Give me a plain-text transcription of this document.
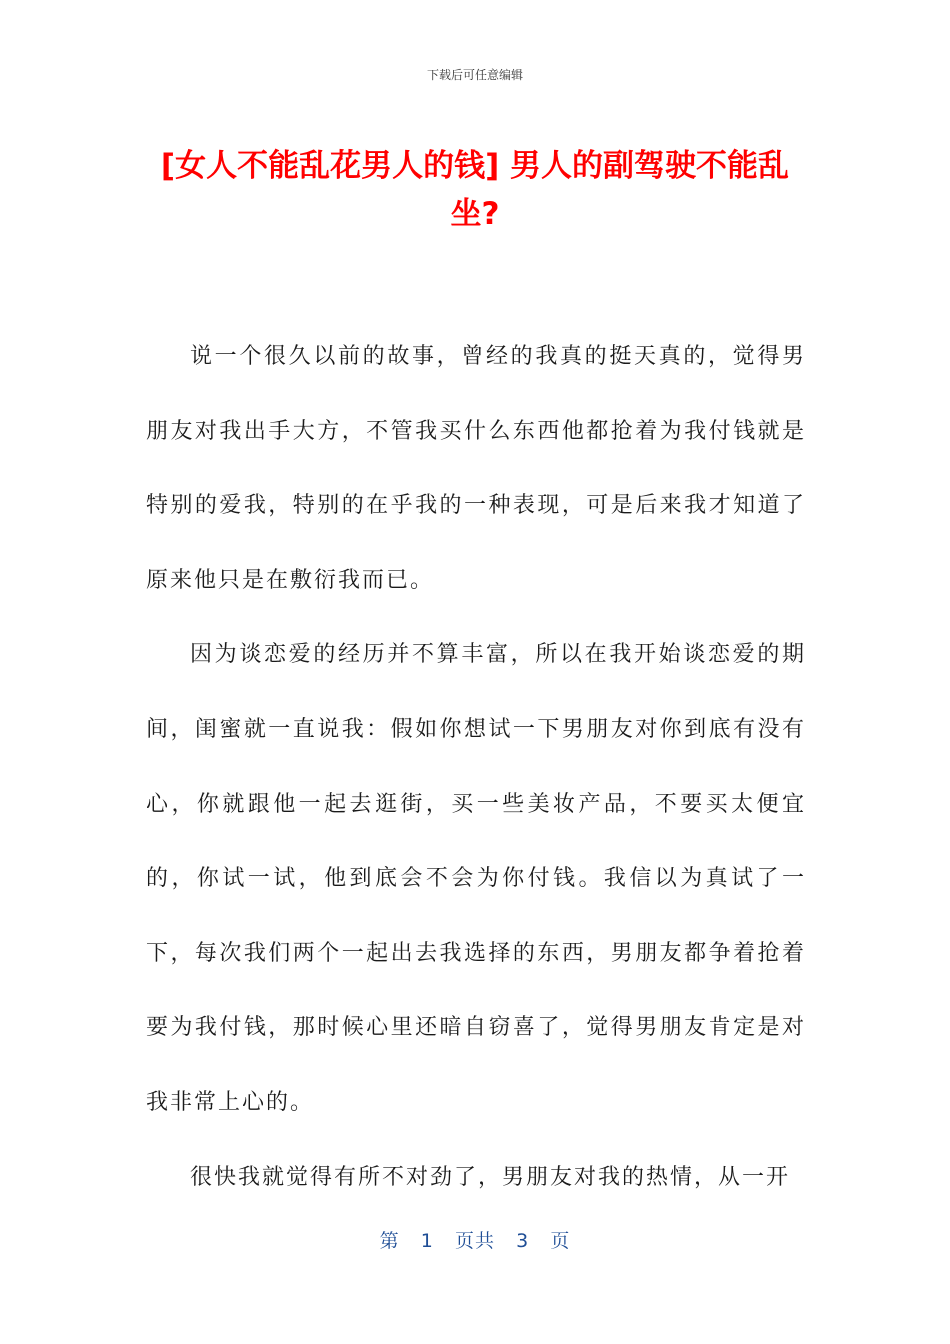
下载后可任意编辑
[女人不能乱花男人的钱] 男人的副驾驶不能乱坐?

说一个很久以前的故事，曾经的我真的挺天真的，觉得男朋友对我出手大方，不管我买什么东西他都抢着为我付钱就是特别的爱我，特别的在乎我的一种表现，可是后来我才知道了原来他只是在敷衍我而已。

因为谈恋爱的经历并不算丰富，所以在我开始谈恋爱的期间，闺蜜就一直说我：假如你想试一下男朋友对你到底有没有心，你就跟他一起去逛街，买一些美妆产品，不要买太便宜的，你试一试，他到底会不会为你付钱。我信以为真试了一下，每次我们两个一起出去我选择的东西，男朋友都争着抢着要为我付钱，那时候心里还暗自窃喜了，觉得男朋友肯定是对我非常上心的。

很快我就觉得有所不对劲了，男朋友对我的热情，从一开

第 1 页共 3 页
